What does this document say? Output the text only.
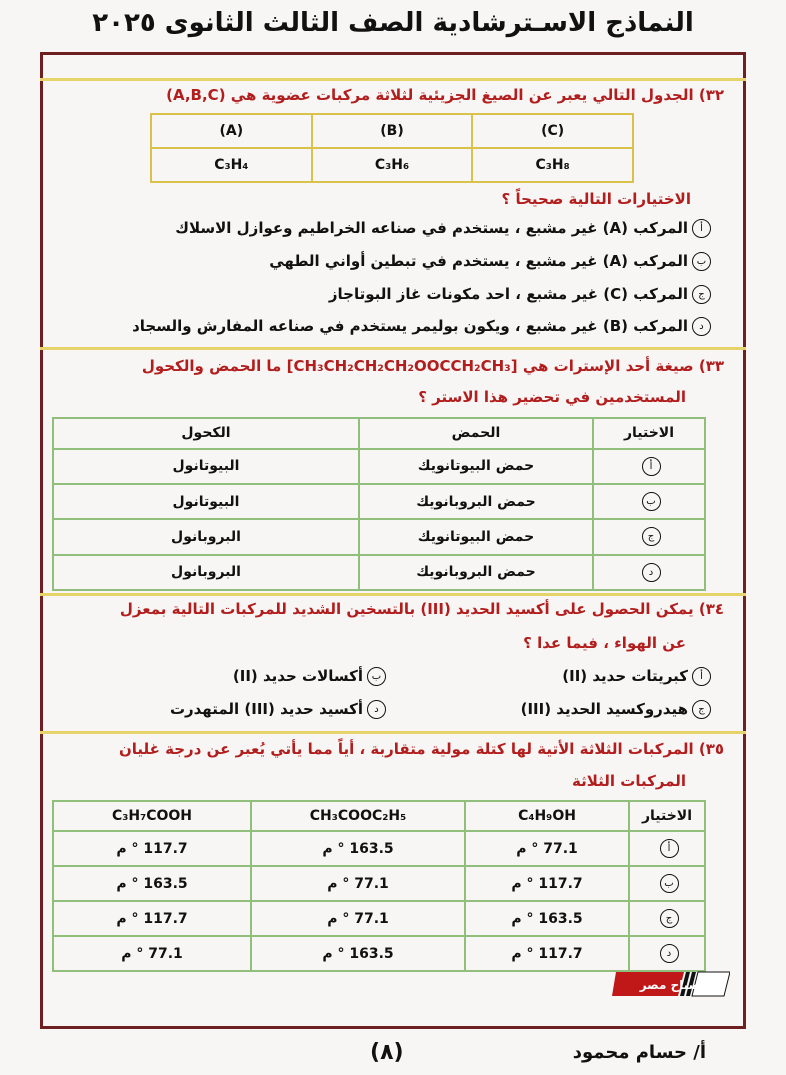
النماذج الاسـترشادية الصف الثالث الثانوى ٢٠٢٥
٣٢) الجدول التالي يعبر عن الصيغ الجزيئية لثلاثة مركبات عضوية هي (A,B,C)
(A)	(B)	(C)
C₃H₄	C₃H₆	C₃H₈
الاختيارات التالية صحيحاً ؟
أالمركب (A) غير مشبع ، يستخدم في صناعه الخراطيم وعوازل الاسلاك
بالمركب (A) غير مشبع ، يستخدم في تبطين أواني الطهي
جالمركب (C) غير مشبع ، احد مكونات غاز البوتاجاز
دالمركب (B) غير مشبع ، ويكون بوليمر يستخدم في صناعه المفارش والسجاد
٣٣) صيغة أحد الإسترات هي [CH₃CH₂CH₂CH₂OOCCH₂CH₃] ما الحمض والكحول
المستخدمين في تحضير هذا الاستر ؟
الاختيار	الحمض	الكحول
أ	حمض البيوتانويك	البيوتانول
ب	حمض البروبانويك	البيوتانول
ج	حمض البيوتانويك	البروبانول
د	حمض البروبانويك	البروبانول
٣٤) يمكن الحصول على أكسيد الحديد (III) بالتسخين الشديد للمركبات التالية بمعزل
عن الهواء ، فيما عدا ؟
أكبريتات حديد (II)
بأكسالات حديد (II)
جهيدروكسيد الحديد (III)
دأكسيد حديد (III) المتهدرت
٣٥) المركبات الثلاثة الأتية لها كتلة مولية متقاربة ، أياً مما يأتي يُعبر عن درجة غليان
المركبات الثلاثة
الاختيار	C₄H₉OH	CH₃COOC₂H₅	C₃H₇COOH
أ	77.1 ° م	163.5 ° م	117.7 ° م
ب	117.7 ° م	77.1 ° م	163.5 ° م
ج	163.5 ° م	77.1 ° م	117.7 ° م
د	117.7 ° م	163.5 ° م	77.1 ° م
صباح مصر
أ/ حسام محمود
(٨)
